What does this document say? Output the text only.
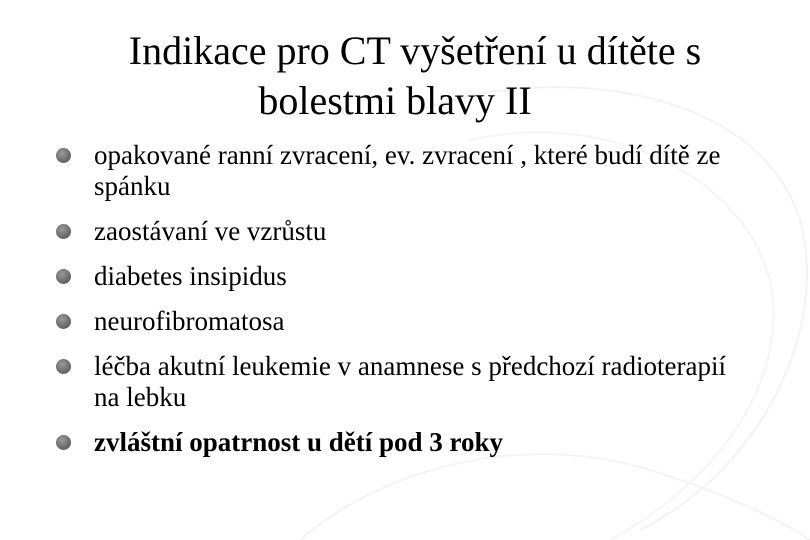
Indikace pro CT vyšetření u dítěte s
bolestmi blavy II
opakované ranní zvracení, ev. zvracení , které budí dítě ze spánku
zaostávaní ve vzrůstu
diabetes insipidus
neurofibromatosa
léčba akutní leukemie v anamnese s předchozí radioterapií na lebku
zvláštní opatrnost u dětí pod 3 roky
